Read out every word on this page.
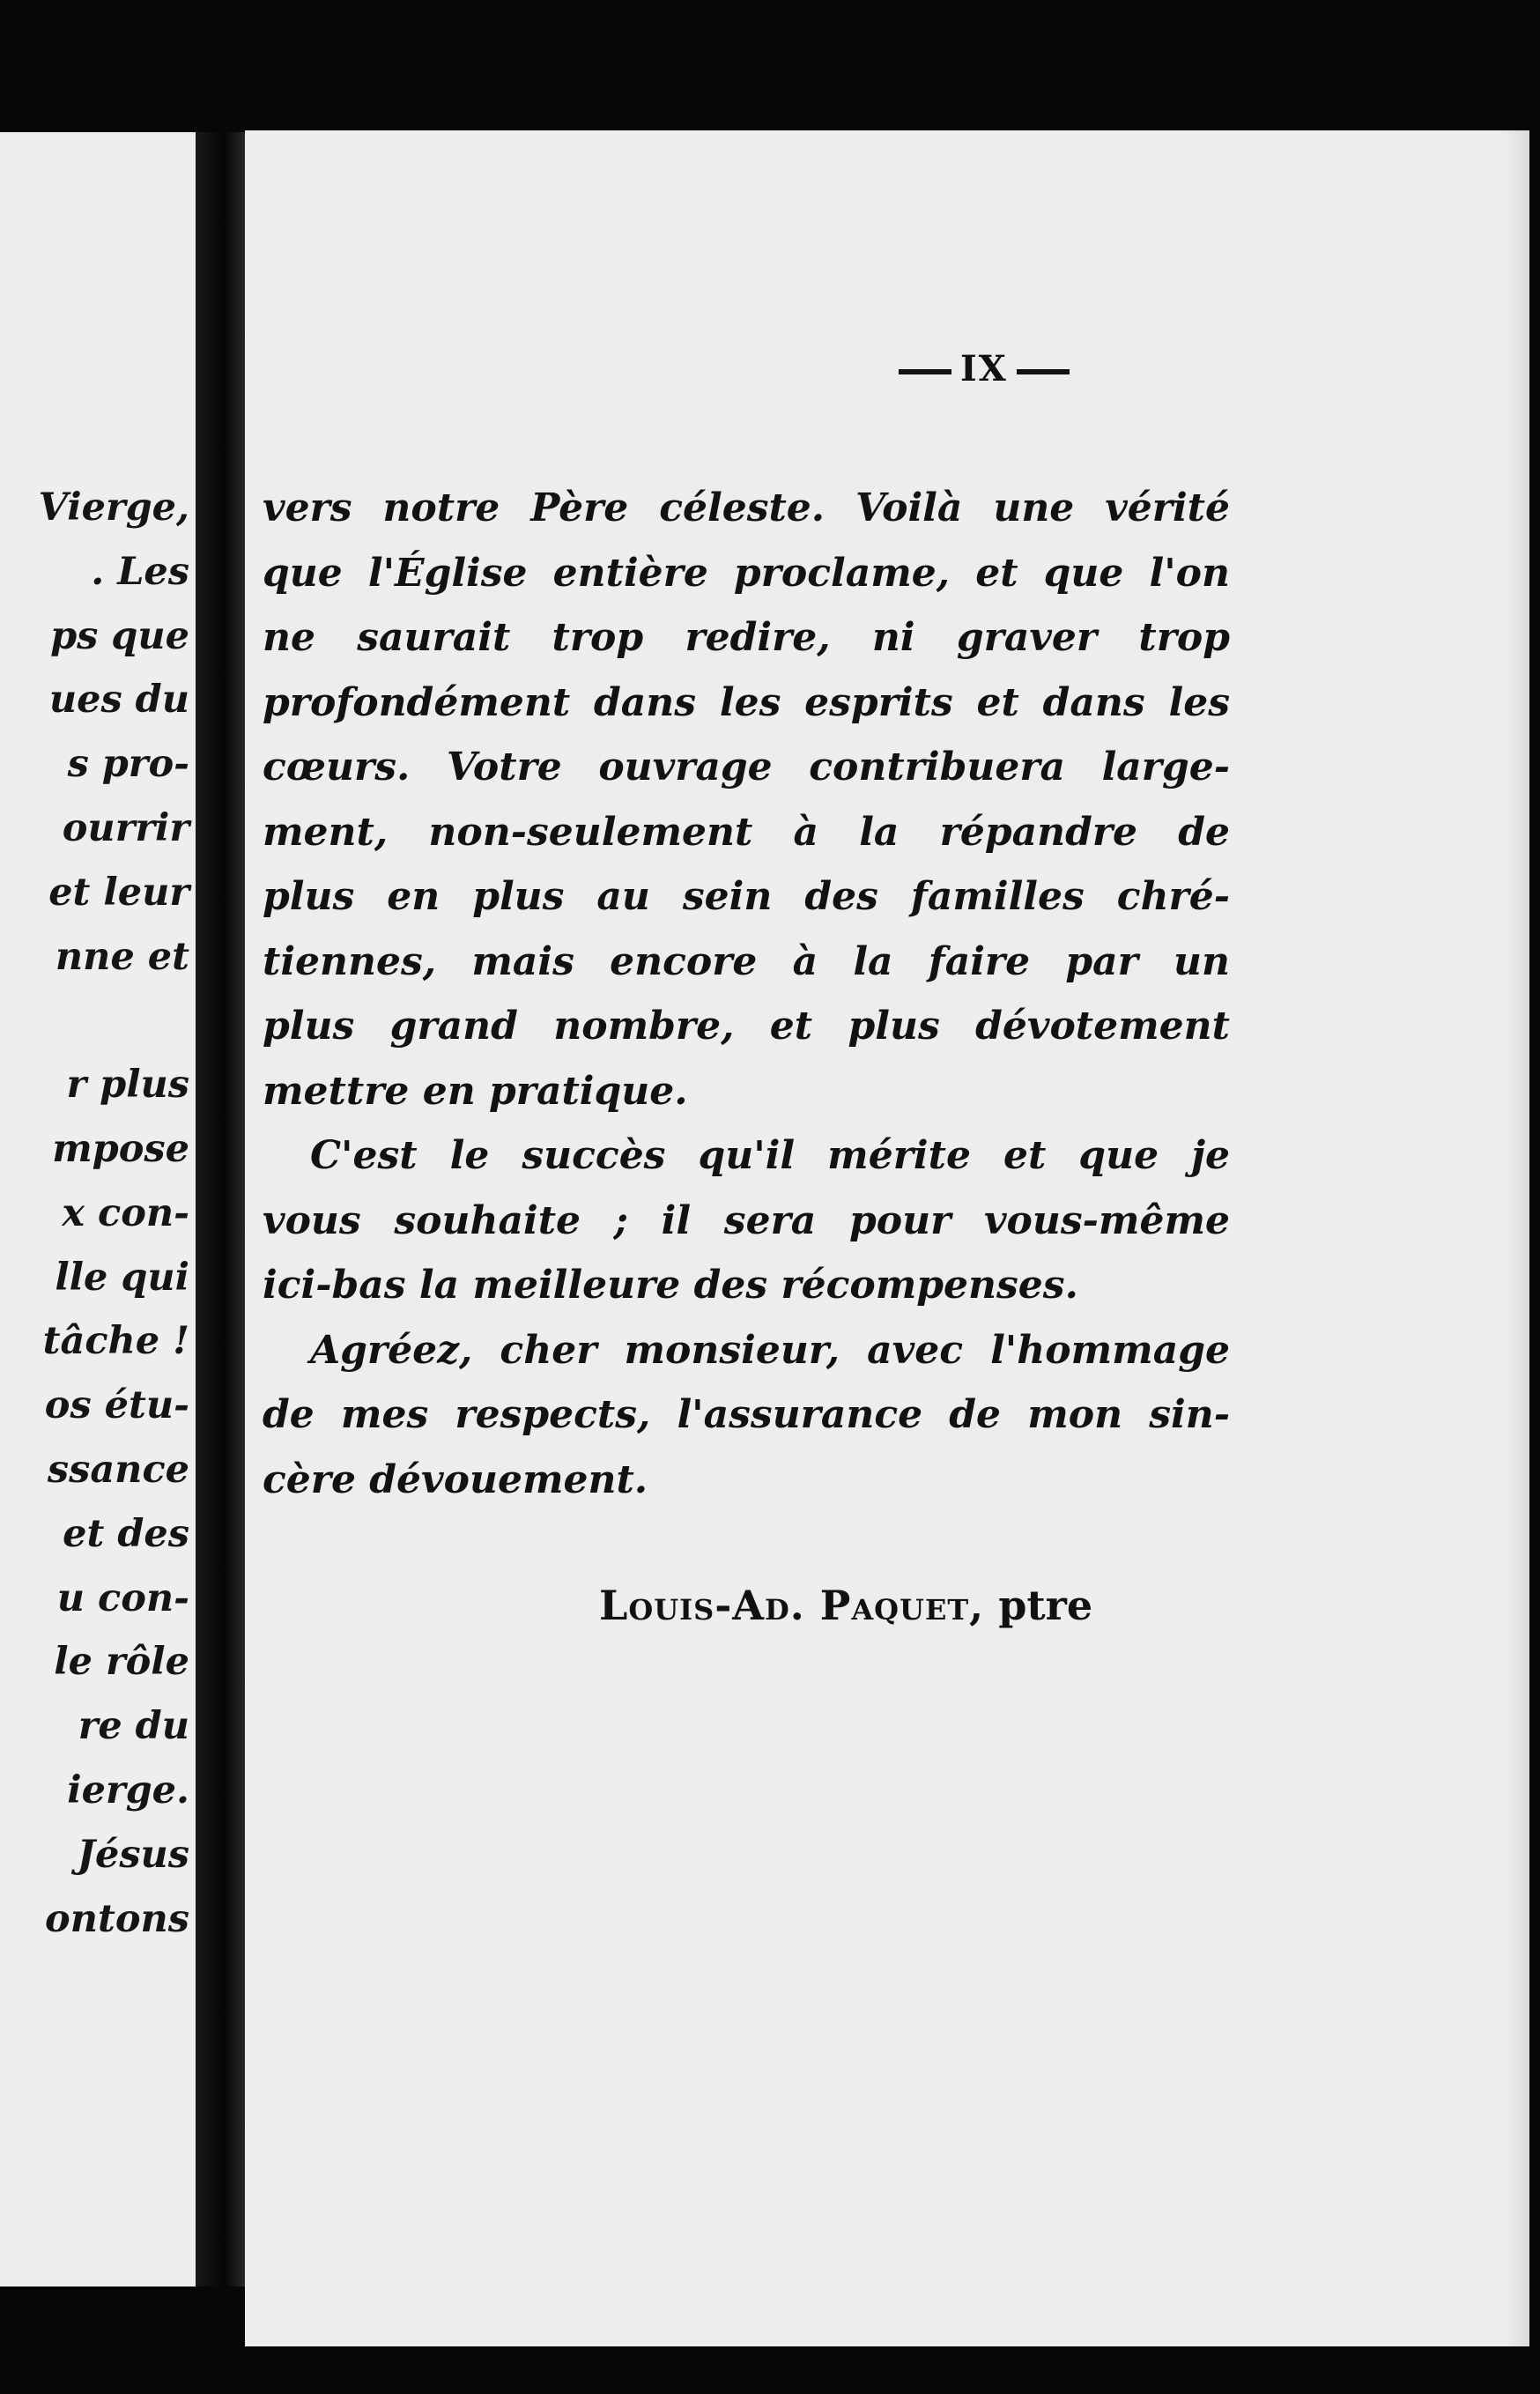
Vierge,
. Les
ps que
ues du
s pro-
ourrir
et leur
nne et

r plus
mpose
x con-
lle qui
tâche !
os étu-
ssance
et des
u con-
le rôle
re du
ierge.
Jésus
ontons
IX
vers notre Père céleste. Voilà une vérité
que l'Église entière proclame, et que l'on
ne saurait trop redire, ni graver trop
profondément dans les esprits et dans les
cœurs. Votre ouvrage contribuera large-
ment, non-seulement à la répandre de
plus en plus au sein des familles chré-
tiennes, mais encore à la faire par un
plus grand nombre, et plus dévotement
mettre en pratique.
C'est le succès qu'il mérite et que je
vous souhaite ; il sera pour vous-même
ici-bas la meilleure des récompenses.
Agréez, cher monsieur, avec l'hommage
de mes respects, l'assurance de mon sin-
cère dévouement.
Louis-Ad. Paquet, ptre
